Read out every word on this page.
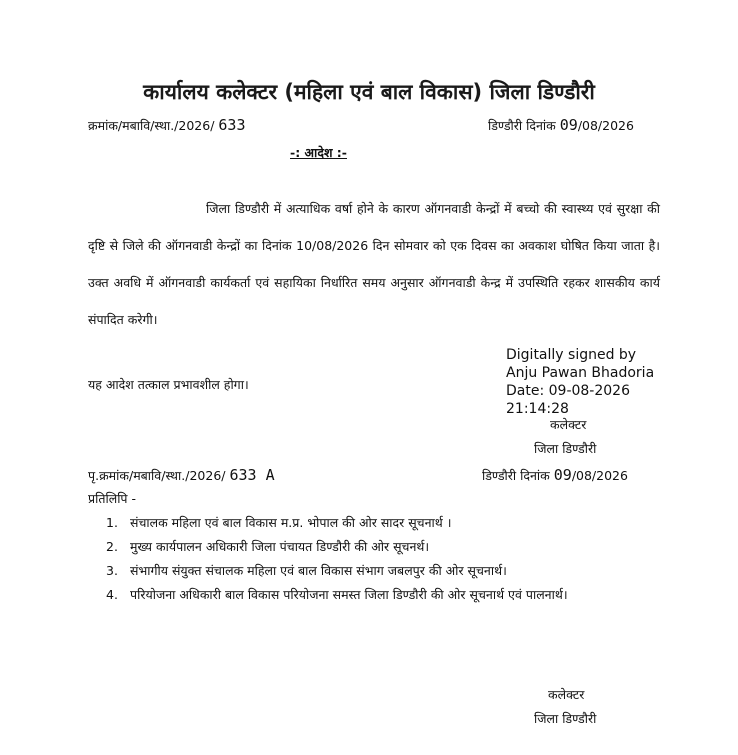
कार्यालय कलेक्टर (महिला एवं बाल विकास) जिला डिण्डौरी
क्रमांक/मबावि/स्था./2026/ 633	डिण्डौरी दिनांक 09/08/2026
-: आदेश :-
जिला डिण्डौरी में अत्याधिक वर्षा होने के कारण ऑगनवाडी केन्द्रों में बच्चो की स्वास्थ्य एवं सुरक्षा की दृष्टि से जिले की ऑगनवाडी केन्द्रों का दिनांक 10/08/2026 दिन सोमवार को एक दिवस का अवकाश घोषित किया जाता है। उक्त अवधि में ऑगनवाडी कार्यकर्ता एवं सहायिका निर्धारित समय अनुसार ऑगनवाडी केन्द्र में उपस्थिति रहकर शासकीय कार्य संपादित करेगी।
यह आदेश तत्काल प्रभावशील होगा।
Digitally signed by
Anju Pawan Bhadoria
Date: 09-08-2026
21:14:28
कलेक्टर
जिला डिण्डौरी
पृ.क्रमांक/मबावि/स्था./2026/ 633 A	डिण्डौरी दिनांक 09/08/2026
प्रतिलिपि -
1. संचालक महिला एवं बाल विकास म.प्र. भोपाल की ओर सादर सूचनार्थ ।
2. मुख्य कार्यपालन अधिकारी जिला पंचायत डिण्डौरी की ओर सूचनर्थ।
3. संभागीय संयुक्त संचालक महिला एवं बाल विकास संभाग जबलपुर की ओर सूचनार्थ।
4. परियोजना अधिकारी बाल विकास परियोजना समस्त जिला डिण्डौरी की ओर सूचनार्थ एवं पालनार्थ।
कलेक्टर
जिला डिण्डौरी
